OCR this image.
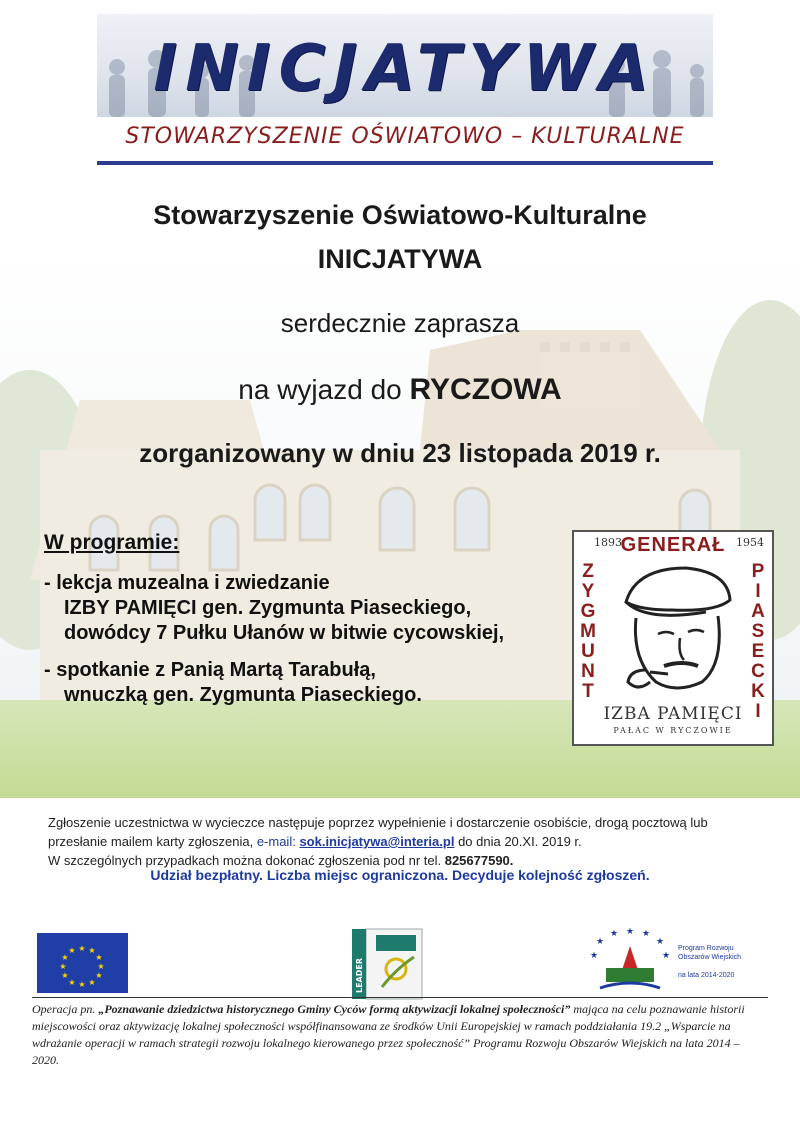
INICJATYWA
STOWARZYSZENIE OŚWIATOWO – KULTURALNE
Stowarzyszenie Oświatowo-Kulturalne
INICJATYWA
serdecznie zaprasza
na wyjazd do RYCZOWA
zorganizowany w dniu 23 listopada 2019 r.
W programie:
- lekcja muzealna i zwiedzanie
IZBY PAMIĘCI gen. Zygmunta Piaseckiego,
dowódcy 7 Pułku Ułanów w bitwie cycowskiej,
- spotkanie z Panią Martą Tarabułą,
wnuczką gen. Zygmunta Piaseckiego.
1893
GENERAŁ 1954
Z
Y
G
M
U
N
T
P
I
A
S
E
C
K
I
IZBA PAMIĘCI
PAŁAC W RYCZOWIE
Zgłoszenie uczestnictwa w wycieczce następuje poprzez wypełnienie i dostarczenie osobiście, drogą pocztową lub przesłanie mailem karty zgłoszenia, e-mail: sok.inicjatywa@interia.pl do dnia 20.XI. 2019 r.
W szczególnych przypadkach można dokonać zgłoszenia pod nr tel. 825677590.
Udział bezpłatny. Liczba miejsc ograniczona. Decyduje kolejność zgłoszeń.
★ ★
★
★
★
★
★
★
★
★
★
★
LEADER
★
★ ★ ★
★
★	★
Program Rozwoju Obszarów Wiejskich

na lata 2014-2020
Operacja pn. „Poznawanie dziedzictwa historycznego Gminy Cyców formą aktywizacji lokalnej społeczności” mająca na celu poznawanie historii miejscowości oraz aktywizację lokalnej społeczności współfinansowana ze środków Unii Europejskiej w ramach poddziałania 19.2 „Wsparcie na wdrażanie operacji w ramach strategii rozwoju lokalnego kierowanego przez społeczność” Programu Rozwoju Obszarów Wiejskich na lata 2014 – 2020.
